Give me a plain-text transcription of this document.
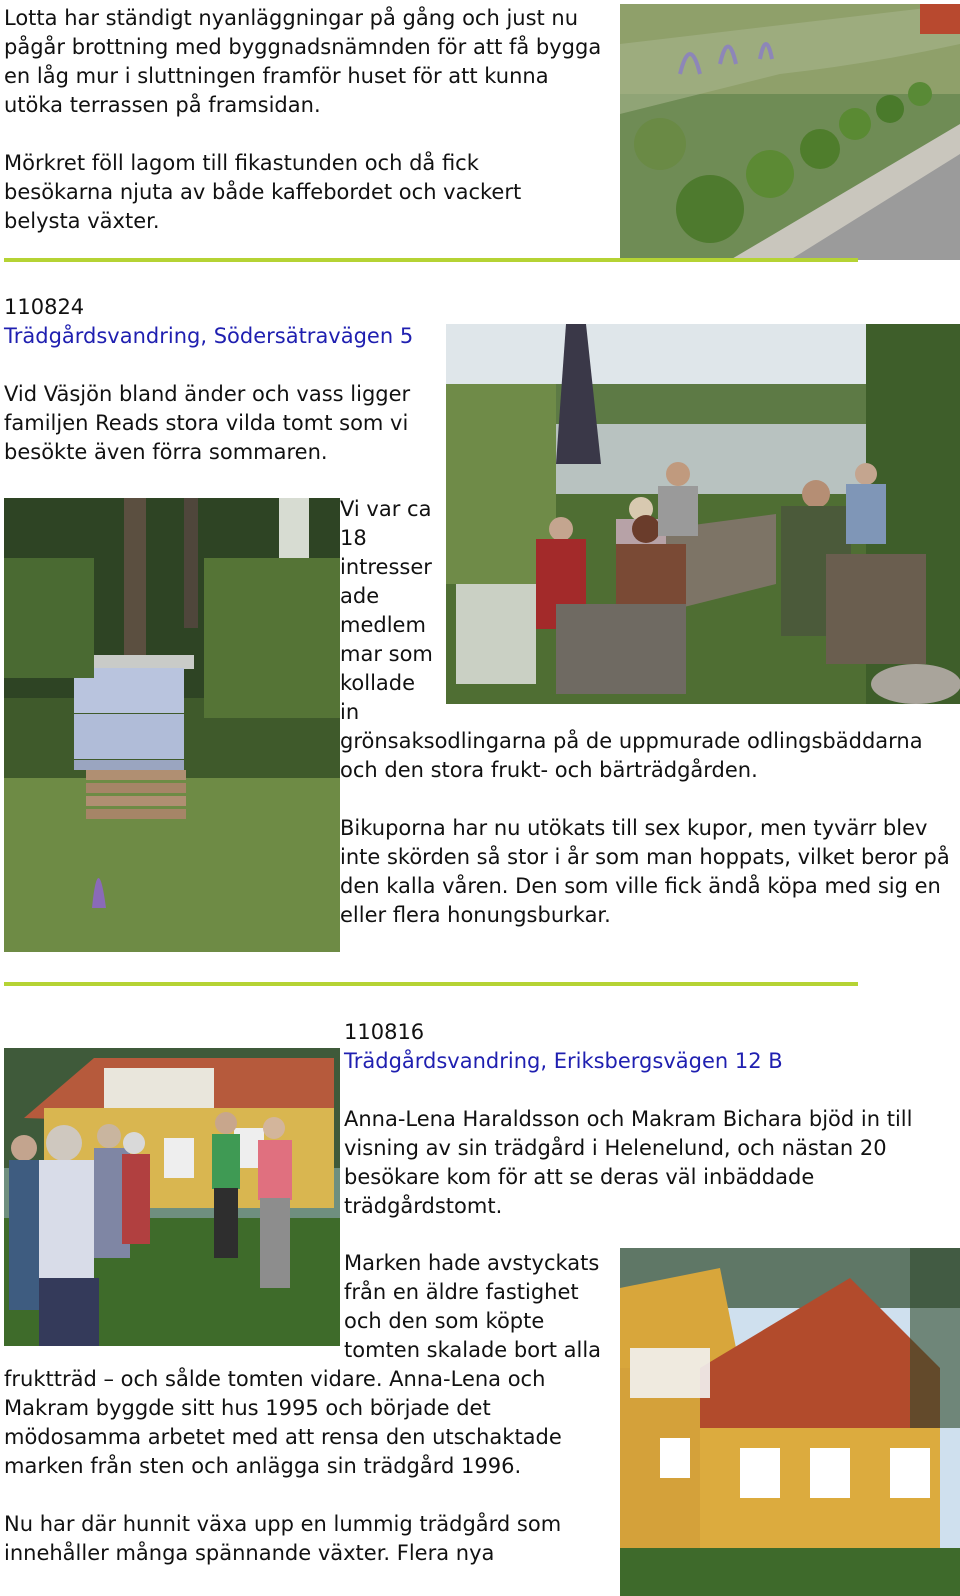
Lotta har ständigt nyanläggningar på gång och just nu pågår brottning med byggnadsnämnden för att få bygga en låg mur i sluttningen framför huset för att kunna utöka terrassen på framsidan.

Mörkret föll lagom till fikastunden och då fick besökarna njuta av både kaffebordet och vackert belysta växter.

110824
Trädgårdsvandring, Södersätravägen 5
Vid Väsjön bland änder och vass ligger familjen Reads stora vilda tomt som vi besökte även förra sommaren.
Vi var ca
18
intresser
ade
medlem
mar som
kollade
in
grönsaksodlingarna på de uppmurade odlingsbäddarna och den stora frukt- och bärträdgården.
Bikuporna har nu utökats till sex kupor, men tyvärr blev inte skörden så stor i år som man hoppats, vilket beror på den kalla våren. Den som ville fick ändå köpa med sig en eller flera honungsburkar.
110816
Trädgårdsvandring, Eriksbergsvägen 12 B
Anna-Lena Haraldsson och Makram Bichara bjöd in till visning av sin trädgård i Helenelund, och nästan 20 besökare kom för att se deras väl inbäddade trädgårdstomt.
Marken hade avstyckats
från en äldre fastighet
och den som köpte
tomten skalade bort alla
fruktträd – och sålde tomten vidare. Anna-Lena och
Makram byggde sitt hus 1995 och började det
mödosamma arbetet med att rensa den utschaktade
marken från sten och anlägga sin trädgård 1996.
Nu har där hunnit växa upp en lummig trädgård som
innehåller många spännande växter. Flera nya
